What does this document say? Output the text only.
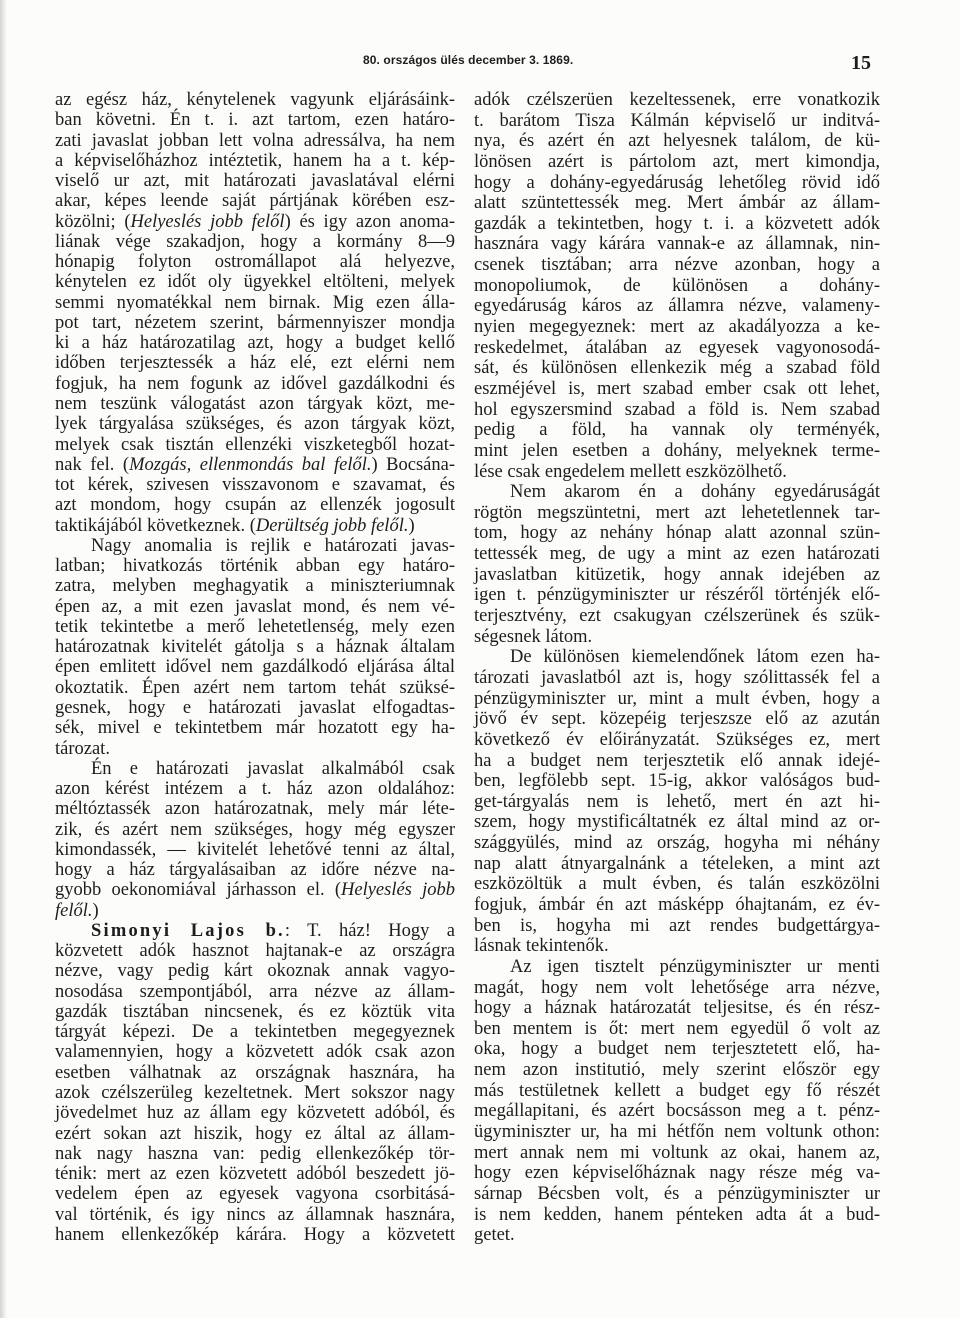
80. országos ülés december 3. 1869.	15
az egész ház, kénytelenek vagyunk eljárásáink-
ban követni. Én t. i. azt tartom, ezen határo-
zati javaslat jobban lett volna adressálva, ha nem
a képviselőházhoz intéztetik, hanem ha a t. kép-
viselő ur azt, mit határozati javaslatával elérni
akar, képes leende saját pártjának körében esz-
közölni; (Helyeslés jobb felől) és igy azon anoma-
liának vége szakadjon, hogy a kormány 8—9
hónapig folyton ostromállapot alá helyezve,
kénytelen ez időt oly ügyekkel eltölteni, melyek
semmi nyomatékkal nem birnak. Mig ezen álla-
pot tart, nézetem szerint, bármennyiszer mondja
ki a ház határozatilag azt, hogy a budget kellő
időben terjesztessék a ház elé, ezt elérni nem
fogjuk, ha nem fogunk az idővel gazdálkodni és
nem teszünk válogatást azon tárgyak közt, me-
lyek tárgyalása szükséges, és azon tárgyak közt,
melyek csak tisztán ellenzéki viszketegből hozat-
nak fel. (Mozgás, ellenmondás bal felől.) Bocsána-
tot kérek, szivesen visszavonom e szavamat, és
azt mondom, hogy csupán az ellenzék jogosult
taktikájából következnek. (Derültség jobb felől.)
Nagy anomalia is rejlik e határozati javas-
latban; hivatkozás történik abban egy határo-
zatra, melyben meghagyatik a miniszteriumnak
épen az, a mit ezen javaslat mond, és nem vé-
tetik tekintetbe a merő lehetetlenség, mely ezen
határozatnak kivitelét gátolja s a háznak általam
épen emlitett idővel nem gazdálkodó eljárása által
okoztatik. Épen azért nem tartom tehát szüksé-
gesnek, hogy e határozati javaslat elfogadtas-
sék, mivel e tekintetbem már hozatott egy ha-
tározat.
Én e határozati javaslat alkalmából csak
azon kérést intézem a t. ház azon oldalához:
méltóztassék azon határozatnak, mely már léte-
zik, és azért nem szükséges, hogy még egyszer
kimondassék, — kivitelét lehetővé tenni az által,
hogy a ház tárgyalásaiban az időre nézve na-
gyobb oekonomiával járhasson el. (Helyeslés jobb
felől.)
Simonyi Lajos b.: T. ház! Hogy a
közvetett adók hasznot hajtanak-e az országra
nézve, vagy pedig kárt okoznak annak vagyo-
nosodása szempontjából, arra nézve az állam-
gazdák tisztában nincsenek, és ez köztük vita
tárgyát képezi. De a tekintetben megegyeznek
valamennyien, hogy a közvetett adók csak azon
esetben válhatnak az országnak hasznára, ha
azok czélszerüleg kezeltetnek. Mert sokszor nagy
jövedelmet huz az állam egy közvetett adóból, és
ezért sokan azt hiszik, hogy ez által az állam-
nak nagy haszna van: pedig ellenkezőkép tör-
ténik: mert az ezen közvetett adóból beszedett jö-
vedelem épen az egyesek vagyona csorbitásá-
val történik, és igy nincs az államnak hasznára,
hanem ellenkezőkép kárára. Hogy a közvetett
adók czélszerüen kezeltessenek, erre vonatkozik
t. barátom Tisza Kálmán képviselő ur inditvá-
nya, és azért én azt helyesnek találom, de kü-
lönösen azért is pártolom azt, mert kimondja,
hogy a dohány-egyedáruság lehetőleg rövid idő
alatt szüntettessék meg. Mert ámbár az állam-
gazdák a tekintetben, hogy t. i. a közvetett adók
hasznára vagy kárára vannak-e az államnak, nin-
csenek tisztában; arra nézve azonban, hogy a
monopoliumok, de különösen a dohány-
egyedáruság káros az államra nézve, valameny-
nyien megegyeznek: mert az akadályozza a ke-
reskedelmet, átalában az egyesek vagyonosodá-
sát, és különösen ellenkezik még a szabad föld
eszméjével is, mert szabad ember csak ott lehet,
hol egyszersmind szabad a föld is. Nem szabad
pedig a föld, ha vannak oly terményék,
mint jelen esetben a dohány, melyeknek terme-
lése csak engedelem mellett eszközölhető.
Nem akarom én a dohány egyedáruságát
rögtön megszüntetni, mert azt lehetetlennek tar-
tom, hogy az nehány hónap alatt azonnal szün-
tettessék meg, de ugy a mint az ezen határozati
javaslatban kitüzetik, hogy annak idejében az
igen t. pénzügyminiszter ur részéről történjék elő-
terjesztvény, ezt csakugyan czélszerünek és szük-
ségesnek látom.
De különösen kiemelendőnek látom ezen ha-
tározati javaslatból azt is, hogy szólittassék fel a
pénzügyminiszter ur, mint a mult évben, hogy a
jövő év sept. közepéig terjeszsze elő az azután
következő év előirányzatát. Szükséges ez, mert
ha a budget nem terjesztetik elő annak idejé-
ben, legfölebb sept. 15-ig, akkor valóságos bud-
get-tárgyalás nem is lehető, mert én azt hi-
szem, hogy mystificáltatnék ez által mind az or-
szággyülés, mind az ország, hogyha mi néhány
nap alatt átnyargalnánk a tételeken, a mint azt
eszközöltük a mult évben, és talán eszközölni
fogjuk, ámbár én azt másképp óhajtanám, ez év-
ben is, hogyha mi azt rendes budgettárgya-
lásnak tekintenők.
Az igen tisztelt pénzügyminiszter ur menti
magát, hogy nem volt lehetősége arra nézve,
hogy a háznak határozatát teljesitse, és én rész-
ben mentem is őt: mert nem egyedül ő volt az
oka, hogy a budget nem terjesztetett elő, ha-
nem azon institutió, mely szerint először egy
más testületnek kellett a budget egy fő részét
megállapitani, és azért bocsásson meg a t. pénz-
ügyminiszter ur, ha mi hétfőn nem voltunk othon:
mert annak nem mi voltunk az okai, hanem az,
hogy ezen képviselőháznak nagy része még va-
sárnap Bécsben volt, és a pénzügyminiszter ur
is nem kedden, hanem pénteken adta át a bud-
getet.
